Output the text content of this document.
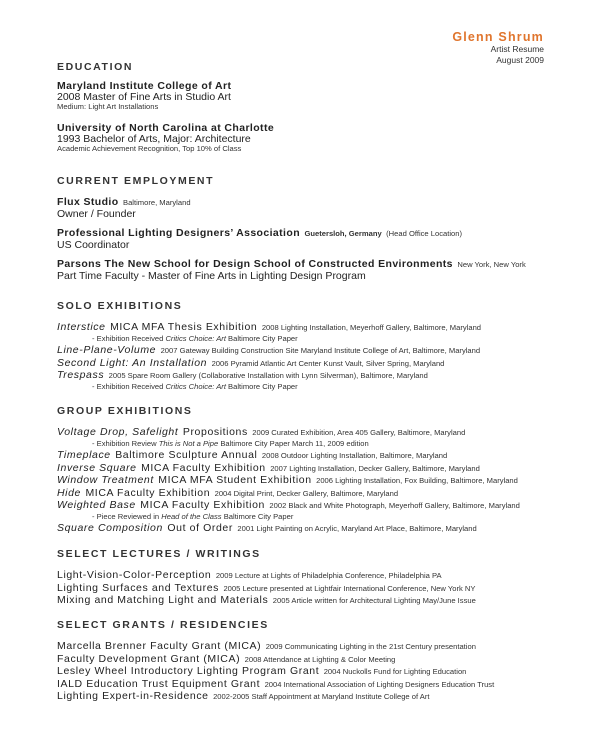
Glenn Shrum
Artist Resume
August 2009
EDUCATION
Maryland Institute College of Art
2008 Master of Fine Arts in Studio Art
Medium: Light Art Installations
University of North Carolina at Charlotte
1993 Bachelor of Arts, Major: Architecture
Academic Achievement Recognition, Top 10% of Class
CURRENT EMPLOYMENT
Flux Studio Baltimore, Maryland
Owner / Founder
Professional Lighting Designers’ Association Guetersloh, Germany (Head Office Location)
US Coordinator
Parsons The New School for Design School of Constructed Environments New York, New York
Part Time Faculty - Master of Fine Arts in Lighting Design Program
SOLO EXHIBITIONS
Interstice MICA MFA Thesis Exhibition 2008 Lighting Installation, Meyerhoff Gallery, Baltimore, Maryland
- Exhibition Received Critics Choice: Art Baltimore City Paper
Line-Plane-Volume 2007 Gateway Building Construction Site Maryland Institute College of Art, Baltimore, Maryland
Second Light: An Installation 2006 Pyramid Atlantic Art Center Kunst Vault, Silver Spring, Maryland
Trespass 2005 Spare Room Gallery (Collaborative Installation with Lynn Silverman), Baltimore, Maryland
- Exhibition Received Critics Choice: Art Baltimore City Paper
GROUP EXHIBITIONS
Voltage Drop, Safelight Propositions 2009 Curated Exhibition, Area 405 Gallery, Baltimore, Maryland
- Exhibition Review This is Not a Pipe Baltimore City Paper March 11, 2009 edition
Timeplace Baltimore Sculpture Annual 2008 Outdoor Lighting Installation, Baltimore, Maryland
Inverse Square MICA Faculty Exhibition 2007 Lighting Installation, Decker Gallery, Baltimore, Maryland
Window Treatment MICA MFA Student Exhibition 2006 Lighting Installation, Fox Building, Baltimore, Maryland
Hide MICA Faculty Exhibition 2004 Digital Print, Decker Gallery, Baltimore, Maryland
Weighted Base MICA Faculty Exhibition 2002 Black and White Photograph, Meyerhoff Gallery, Baltimore, Maryland
- Piece Reviewed in Head of the Class Baltimore City Paper
Square Composition Out of Order 2001 Light Painting on Acrylic, Maryland Art Place, Baltimore, Maryland
SELECT LECTURES / WRITINGS
Light-Vision-Color-Perception 2009 Lecture at Lights of Philadelphia Conference, Philadelphia PA
Lighting Surfaces and Textures 2005 Lecture presented at Lightfair International Conference, New York NY
Mixing and Matching Light and Materials 2005 Article written for Architectural Lighting May/June Issue
SELECT GRANTS / RESIDENCIES
Marcella Brenner Faculty Grant (MICA) 2009 Communicating Lighting in the 21st Century presentation
Faculty Development Grant (MICA) 2008 Attendance at Lighting & Color Meeting
Lesley Wheel Introductory Lighting Program Grant 2004 Nuckolls Fund for Lighting Education
IALD Education Trust Equipment Grant 2004 International Association of Lighting Designers Education Trust
Lighting Expert-in-Residence 2002-2005 Staff Appointment at Maryland Institute College of Art
